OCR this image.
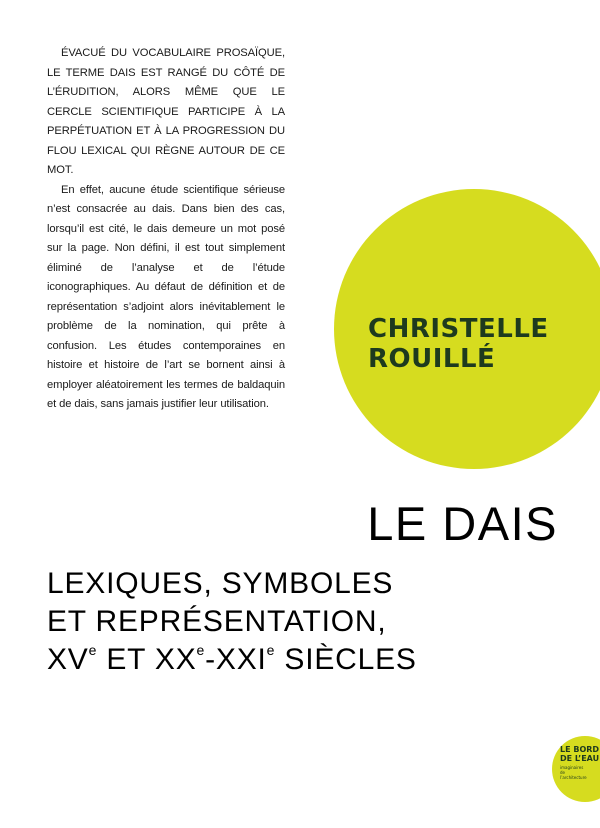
ÉVACUÉ DU VOCABULAIRE PROSAÏQUE, LE TERME DAIS EST RANGÉ DU CÔTÉ DE L’ÉRUDITION, ALORS MÊME QUE LE CERCLE SCIENTIFIQUE PARTICIPE À LA PERPÉTUATION ET À LA PROGRESSION DU FLOU LEXICAL QUI RÈGNE AUTOUR DE CE MOT.

En effet, aucune étude scientifique sérieuse n’est consacrée au dais. Dans bien des cas, lorsqu’il est cité, le dais demeure un mot posé sur la page. Non défini, il est tout simplement éliminé de l’analyse et de l’étude iconographiques. Au défaut de définition et de représentation s’adjoint alors inévitablement le problème de la nomination, qui prête à confusion. Les études contemporaines en histoire et histoire de l’art se bornent ainsi à employer aléatoirement les termes de baldaquin et de dais, sans jamais justifier leur utilisation.

CHRISTELLE
ROUILLÉ
LE DAIS
LEXIQUES, SYMBOLES
ET REPRÉSENTATION,
XVe ET XXe-XXIe SIÈCLES
LE BORD
DE L’EAU
imaginaires
de
l’architecture
